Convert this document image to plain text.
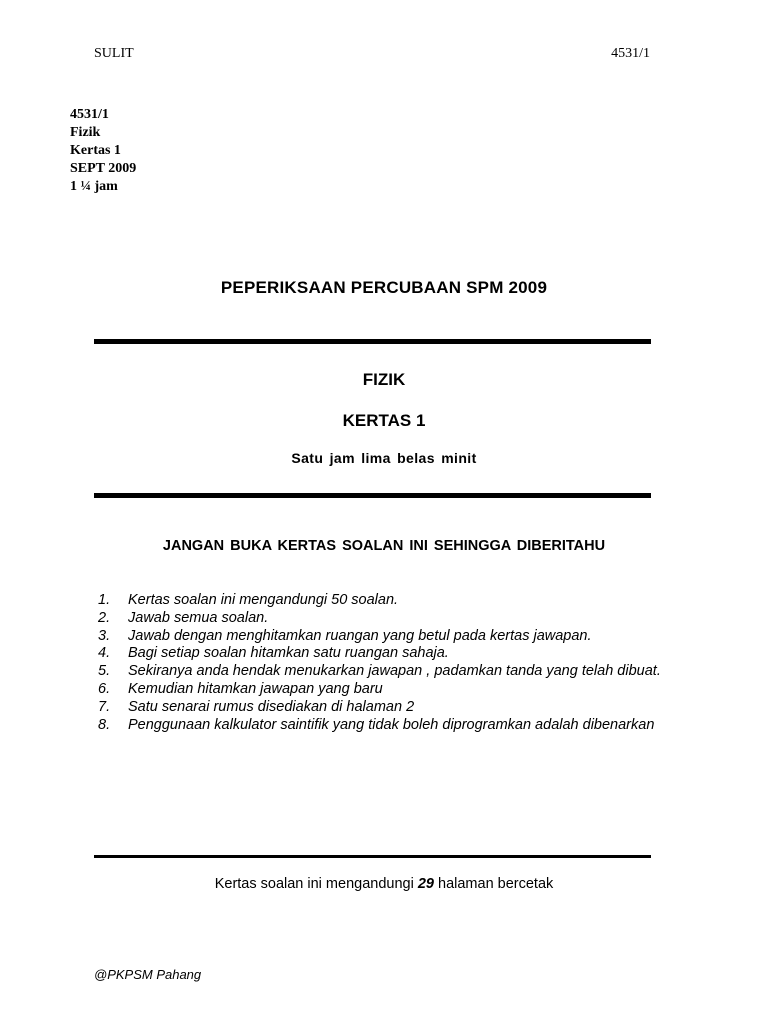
SULIT	4531/1
4531/1
Fizik
Kertas 1
SEPT 2009
1 ¼ jam
PEPERIKSAAN PERCUBAAN SPM 2009
FIZIK
KERTAS 1
Satu jam lima belas minit
JANGAN BUKA KERTAS SOALAN INI SEHINGGA DIBERITAHU
1.	Kertas soalan ini mengandungi 50 soalan.
2.	Jawab semua soalan.
3.	Jawab dengan menghitamkan ruangan yang betul pada kertas jawapan.
4.	Bagi setiap soalan hitamkan satu ruangan sahaja.
5.	Sekiranya anda hendak menukarkan jawapan , padamkan tanda yang telah dibuat.
6.	Kemudian hitamkan jawapan yang baru
7.	Satu senarai rumus disediakan di halaman 2
8.	Penggunaan kalkulator saintifik yang tidak boleh diprogramkan adalah dibenarkan
Kertas soalan ini mengandungi 29 halaman bercetak
@PKPSM Pahang
